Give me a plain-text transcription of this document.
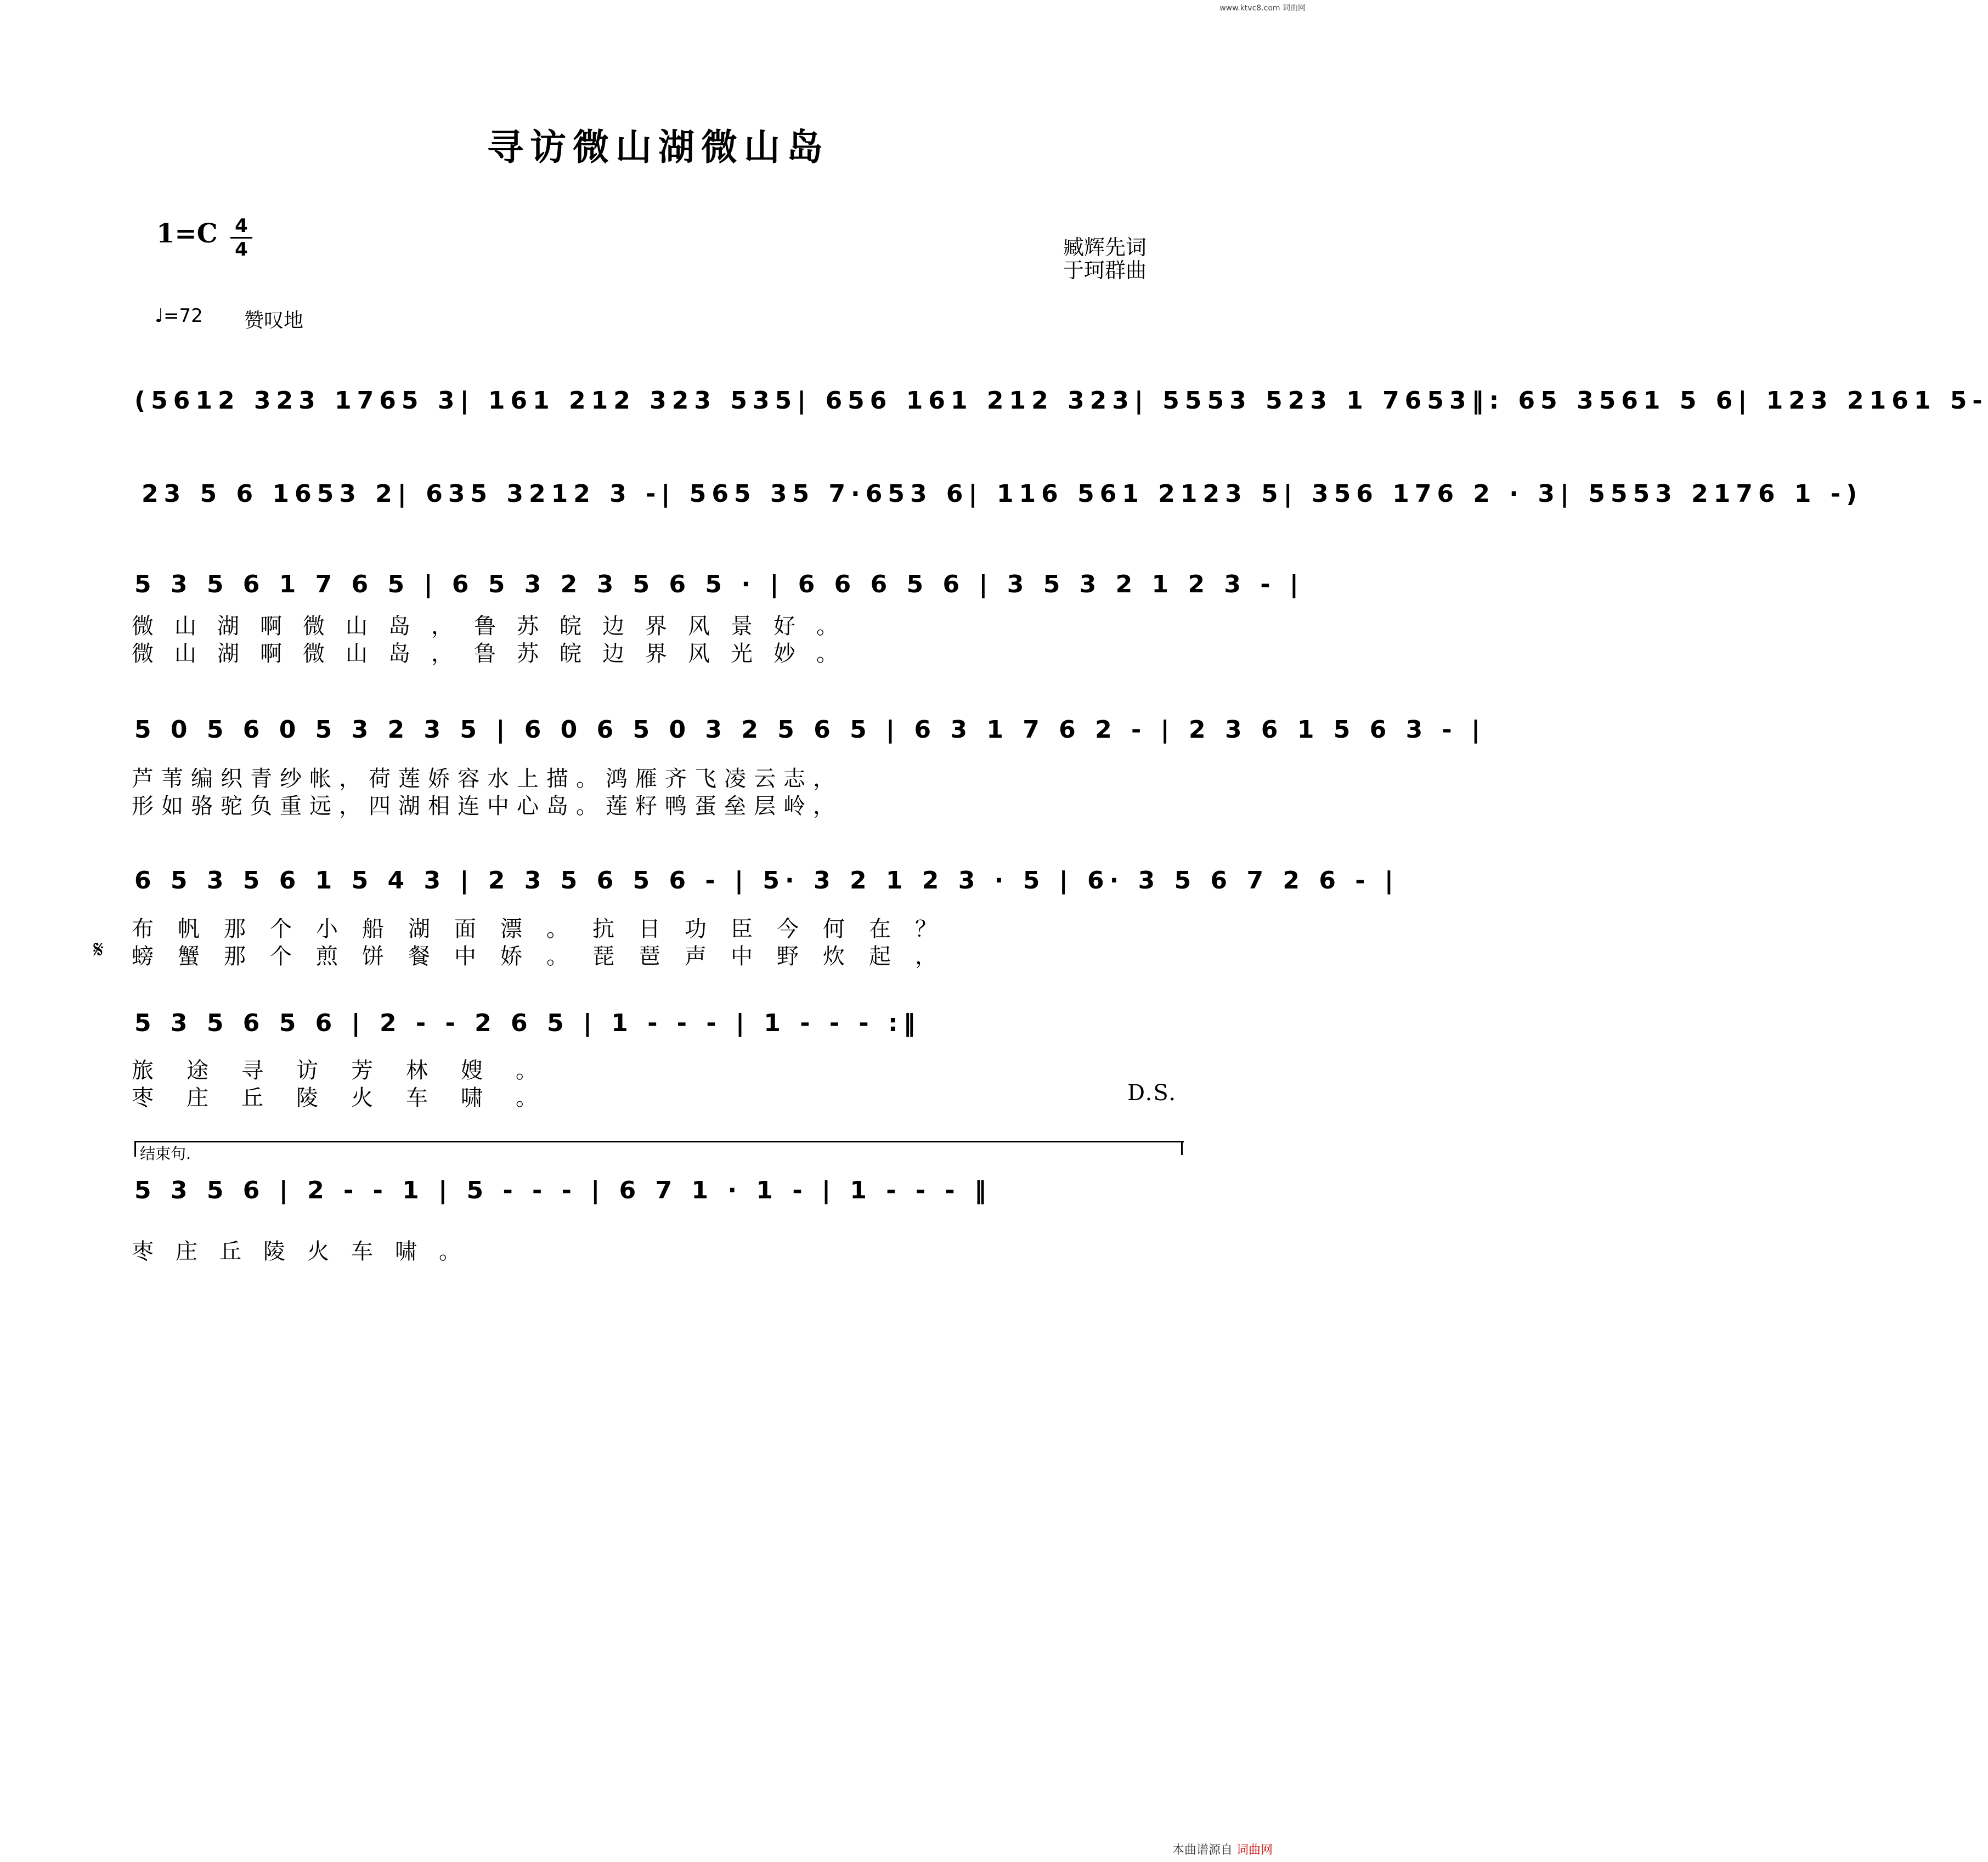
www.ktvc8.com 词曲网
寻访微山湖微山岛
1=C 4
4	臧辉先词
于珂群曲
♩=72 赞叹地
(5612 323 1765 3| 161 212 323 535| 656 161 212 323| 5553 523 1 7653‖: 65 3561 5 6| 123 2161 5-
23 5 6 1653 2| 635 3212 3 -| 565 35 7·653 6| 116 561 2123 5| 356 176 2 · 3| 5553 2176 1 -)
5 3 5 6 1 7 6 5 | 6 5 3 2 3 5 6 5 · | 6 6 6 5 6 | 3 5 3 2 1 2 3 - |
微山湖啊微山岛，鲁苏皖边界风景好。
微山湖啊微山岛，鲁苏皖边界风光妙。
5 0 5 6 0 5 3 2 3 5 | 6 0 6 5 0 3 2 5 6 5 | 6 3 1 7 6 2 - | 2 3 6 1 5 6 3 - |
芦苇编织青纱帐，荷莲娇容水上描。鸿雁齐飞凌云志，
形如骆驼负重远，四湖相连中心岛。莲籽鸭蛋垒层岭，
6 5 3 5 6 1 5 4 3 | 2 3 5 6 5 6 - | 5· 3 2 1 2 3 · 5 | 6· 3 5 6 7 2 6 - |
布帆那个小船湖面漂。抗日功臣今何在？
𝄋 螃蟹那个煎饼餐中娇。琵琶声中野炊起，
5 3 5 6 5 6 | 2 - - 2 6 5 | 1 - - - | 1 - - - :‖
旅途寻访芳林嫂。
枣庄丘陵火车啸。	D.S.
结束句.
5 3 5 6 | 2 - - 1 | 5 - - - | 6 7 1 · 1 - | 1 - - - ‖
枣庄丘陵火车啸。
本曲谱源自 词曲网
